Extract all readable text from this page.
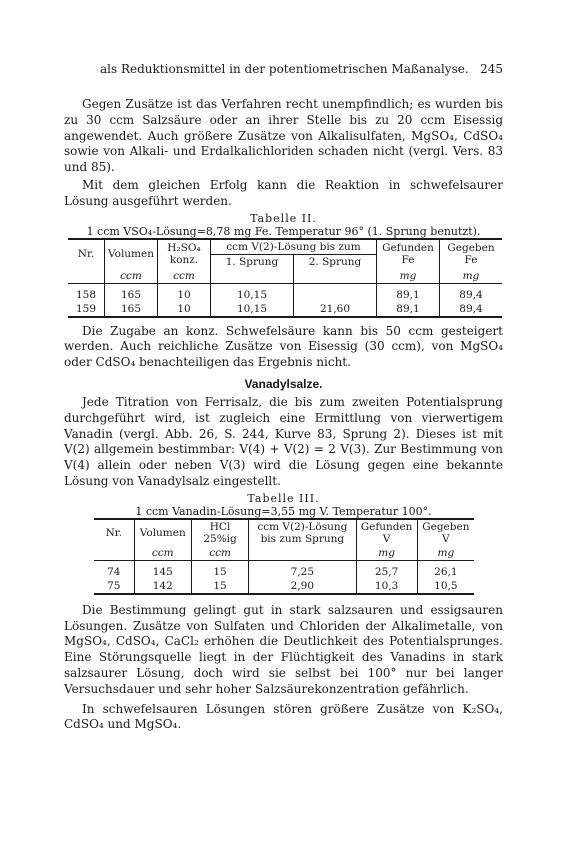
als Reduktionsmittel in der potentiometrischen Maßanalyse. 245

Gegen Zusätze ist das Verfahren recht unempfindlich; es wurden bis zu 30 ccm Salzsäure oder an ihrer Stelle bis zu 20 ccm Eisessig angewendet. Auch größere Zusätze von Alkalisulfaten, MgSO₄, CdSO₄ sowie von Alkali- und Erdalkalichloriden schaden nicht (vergl. Vers. 83 und 85).

Mit dem gleichen Erfolg kann die Reaktion in schwefelsaurer Lösung ausgeführt werden.

Tabelle II.
1 ccm VSO₄-Lösung=8,78 mg Fe. Temperatur 96° (1. Sprung benutzt).
Nr.	Volumen	H₂SO₄ konz.	ccm V(2)-Lösung bis zum		Gefunden Fe	Gegeben Fe
			1. Sprung	2. Sprung		
	ccm	ccm			mg	mg

158	165	10	10,15		89,1	89,4
159	165	10	10,15	21,60	89,1	89,4

Die Zugabe an konz. Schwefelsäure kann bis 50 ccm gesteigert werden. Auch reichliche Zusätze von Eisessig (30 ccm), von MgSO₄ oder CdSO₄ benachteiligen das Ergebnis nicht.

Vanadylsalze.

Jede Titration von Ferrisalz, die bis zum zweiten Potentialsprung durchgeführt wird, ist zugleich eine Ermittlung von vierwertigem Vanadin (vergl. Abb. 26, S. 244, Kurve 83, Sprung 2). Dieses ist mit V(2) allgemein bestimmbar: V(4) + V(2) = 2 V(3). Zur Bestimmung von V(4) allein oder neben V(3) wird die Lösung gegen eine bekannte Lösung von Vanadylsalz eingestellt.

Tabelle III.
1 ccm Vanadin-Lösung=3,55 mg V. Temperatur 100°.
Nr.	Volumen	HCl 25%ig	ccm V(2)-Lösung bis zum Sprung	Gefunden V	Gegeben V
	ccm	ccm		mg	mg

74	145	15	7,25	25,7	26,1
75	142	15	2,90	10,3	10,5

Die Bestimmung gelingt gut in stark salzsauren und essigsauren Lösungen. Zusätze von Sulfaten und Chloriden der Alkalimetalle, von MgSO₄, CdSO₄, CaCl₂ erhöhen die Deutlichkeit des Potentialsprunges. Eine Störungsquelle liegt in der Flüchtigkeit des Vanadins in stark salzsaurer Lösung, doch wird sie selbst bei 100° nur bei langer Versuchsdauer und sehr hoher Salzsäurekonzentration gefährlich.

In schwefelsauren Lösungen stören größere Zusätze von K₂SO₄, CdSO₄ und MgSO₄.
